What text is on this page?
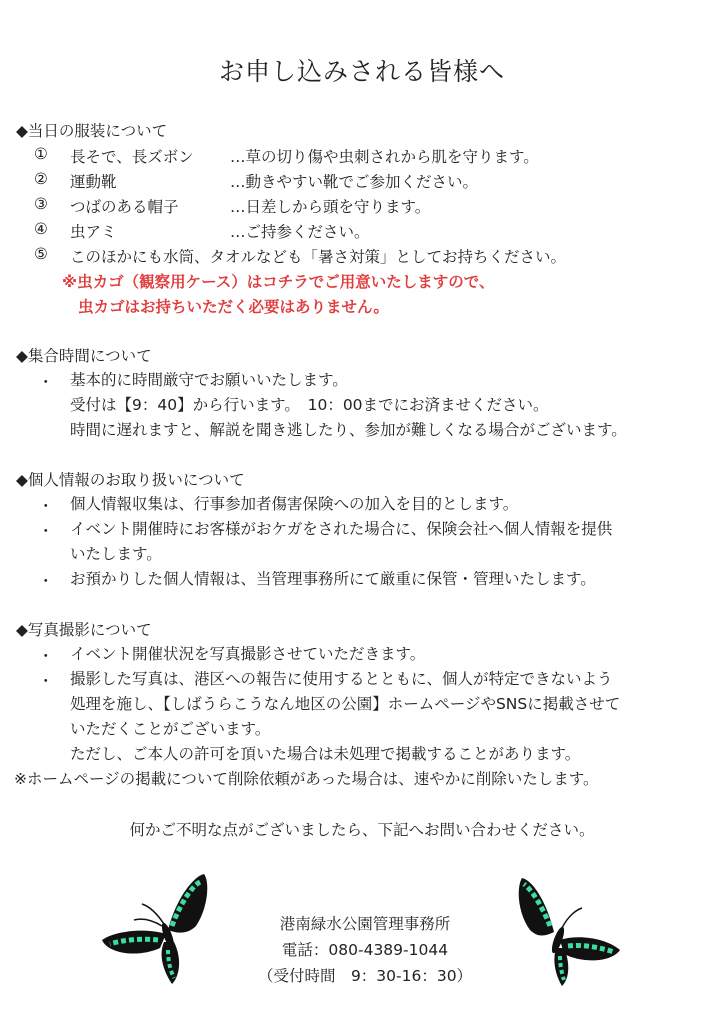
お申し込みされる皆様へ
◆当日の服装について
① 長そで、長ズボン …草の切り傷や虫刺されから肌を守ります。
② 運動靴	…動きやすい靴でご参加ください。
③ つばのある帽子	…日差しから頭を守ります。
④ 虫アミ	…ご持参ください。
⑤ このほかにも水筒、タオルなども「暑さ対策」としてお持ちください。
※虫カゴ（観察用ケース）はコチラでご用意いたしますので、
虫カゴはお持ちいただく必要はありません。
◆集合時間について
・ 基本的に時間厳守でお願いいたします。
受付は【9：40】から行います。　10：00までにお済ませください。
時間に遅れますと、解説を聞き逃したり、参加が難しくなる場合がございます。
◆個人情報のお取り扱いについて
・ 個人情報収集は、行事参加者傷害保険への加入を目的とします。
・ イベント開催時にお客様がおケガをされた場合に、保険会社へ個人情報を提供
いたします。
・ お預かりした個人情報は、当管理事務所にて厳重に保管・管理いたします。
◆写真撮影について
・ イベント開催状況を写真撮影させていただきます。
・ 撮影した写真は、港区への報告に使用するとともに、個人が特定できないよう
処理を施し、【しばうらこうなん地区の公園】ホームページやSNSに掲載させて
いただくことがございます。
ただし、ご本人の許可を頂いた場合は未処理で掲載することがあります。
※ホームページの掲載について削除依頼があった場合は、速やかに削除いたします。
何かご不明な点がございましたら、下記へお問い合わせください。
港南緑水公園管理事務所
電話：080-4389-1044
（受付時間　9：30-16：30）
